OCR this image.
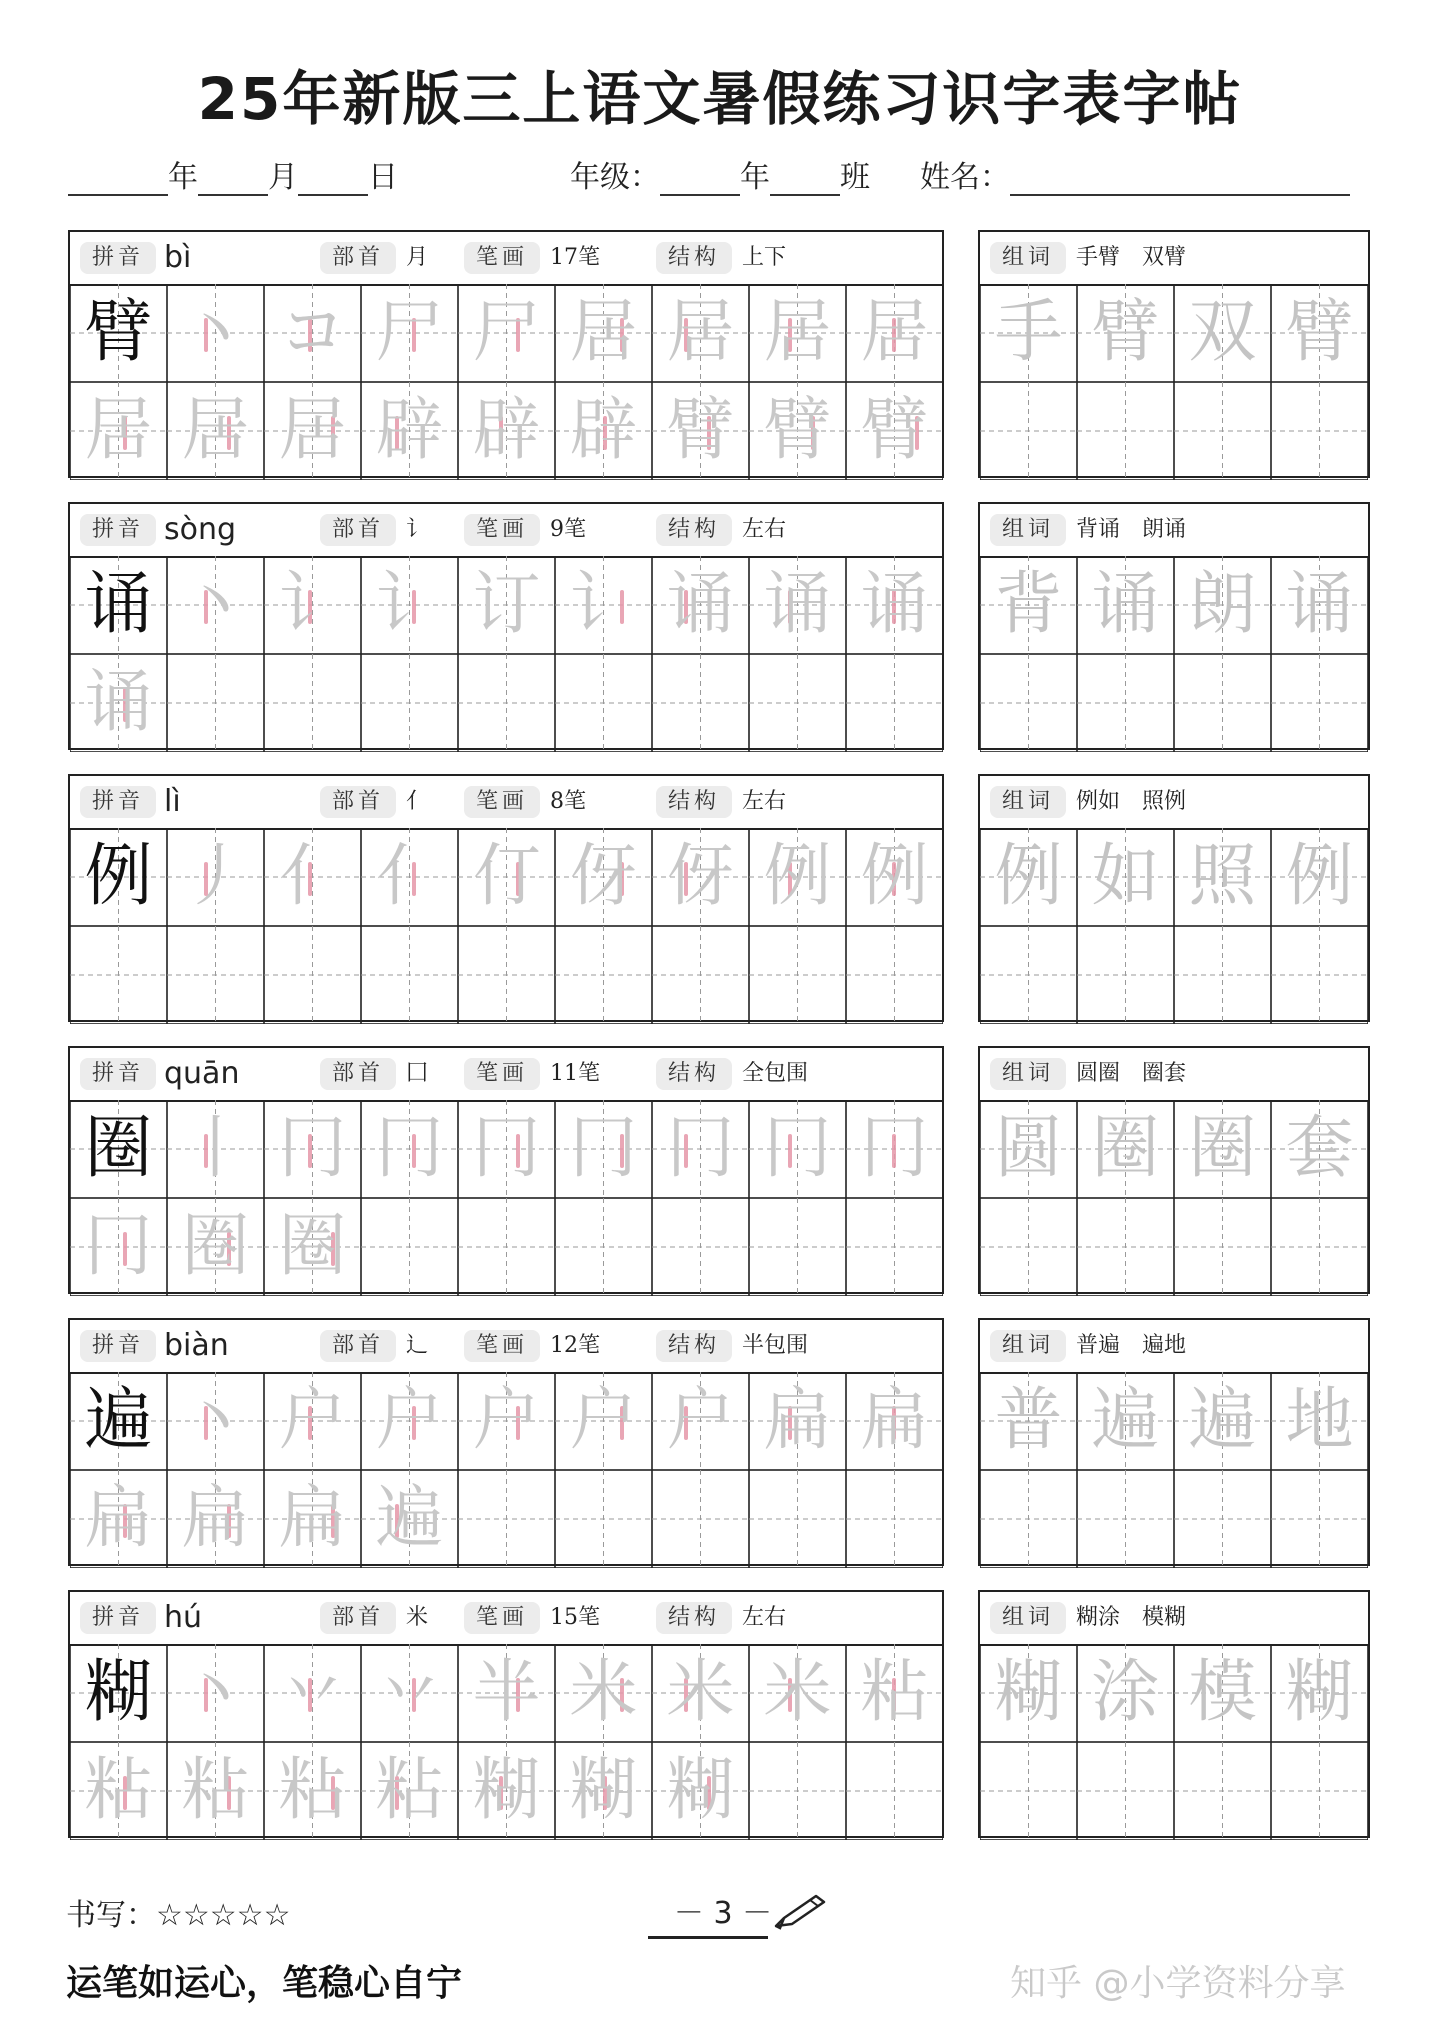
25年新版三上语文暑假练习识字表字帖
年 月 日	年级：	年 班 姓名：
拼音 bì	部首 月	笔画 17笔	结构 上下
臂 丶 コ 尸 尸 居 居 居 居
居 居 居 辟 辟 辟 臂 臂 臂
组词 手臂　双臂
手 臂 双 臂
拼音 sòng	部首 讠	笔画 9笔	结构 左右
诵 丶 讠 讠 订 讠 诵 诵 诵
诵
组词 背诵　朗诵
背 诵 朗 诵
拼音 lì	部首 亻	笔画 8笔	结构 左右
例 丿 亻 亻 仃 伢 伢 例 例
组词 例如　照例
例 如 照 例
拼音 quān	部首 囗	笔画 11笔	结构 全包围
圈 丨 冂 冂 冂 冂 冂 冂 冂
冂 圈 圈
组词 圆圈　圈套
圆 圈 圈 套
拼音 biàn	部首 辶	笔画 12笔	结构 半包围
遍 丶 户 户 户 户 户 扁 扁
扁 扁 扁 遍
组词 普遍　遍地
普 遍 遍 地
拼音 hú	部首 米	笔画 15笔	结构 左右
糊 丶 丷 丷 半 米 米 米 粘
粘 粘 粘 粘 糊 糊 糊
组词 糊涂　模糊
糊 涂 模 糊
书写：☆☆☆☆☆	－ 3 －
运笔如运心，笔稳心自宁	知乎 @小学资料分享
